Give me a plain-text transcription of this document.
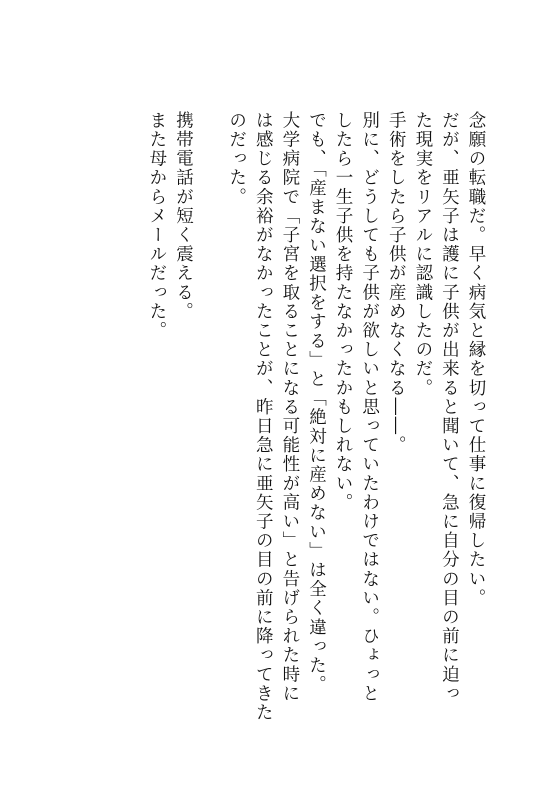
念願の転職だ。早く病気と縁を切って仕事に復帰したい。

だが、亜矢子は護に子供が出来ると聞いて、急に自分の目の前に迫っ

た現実をリアルに認識したのだ。

手術をしたら子供が産めなくなる――。

別に、どうしても子供が欲しいと思っていたわけではない。ひょっと

したら一生子供を持たなかったかもしれない。

でも、「産まない選択をする」と「絶対に産めない」は全く違った。

大学病院で「子宮を取ることになる可能性が高い」と告げられた時に

は感じる余裕がなかったことが、昨日急に亜矢子の目の前に降ってきた

のだった。

携帯電話が短く震える。

また母からメールだった。
